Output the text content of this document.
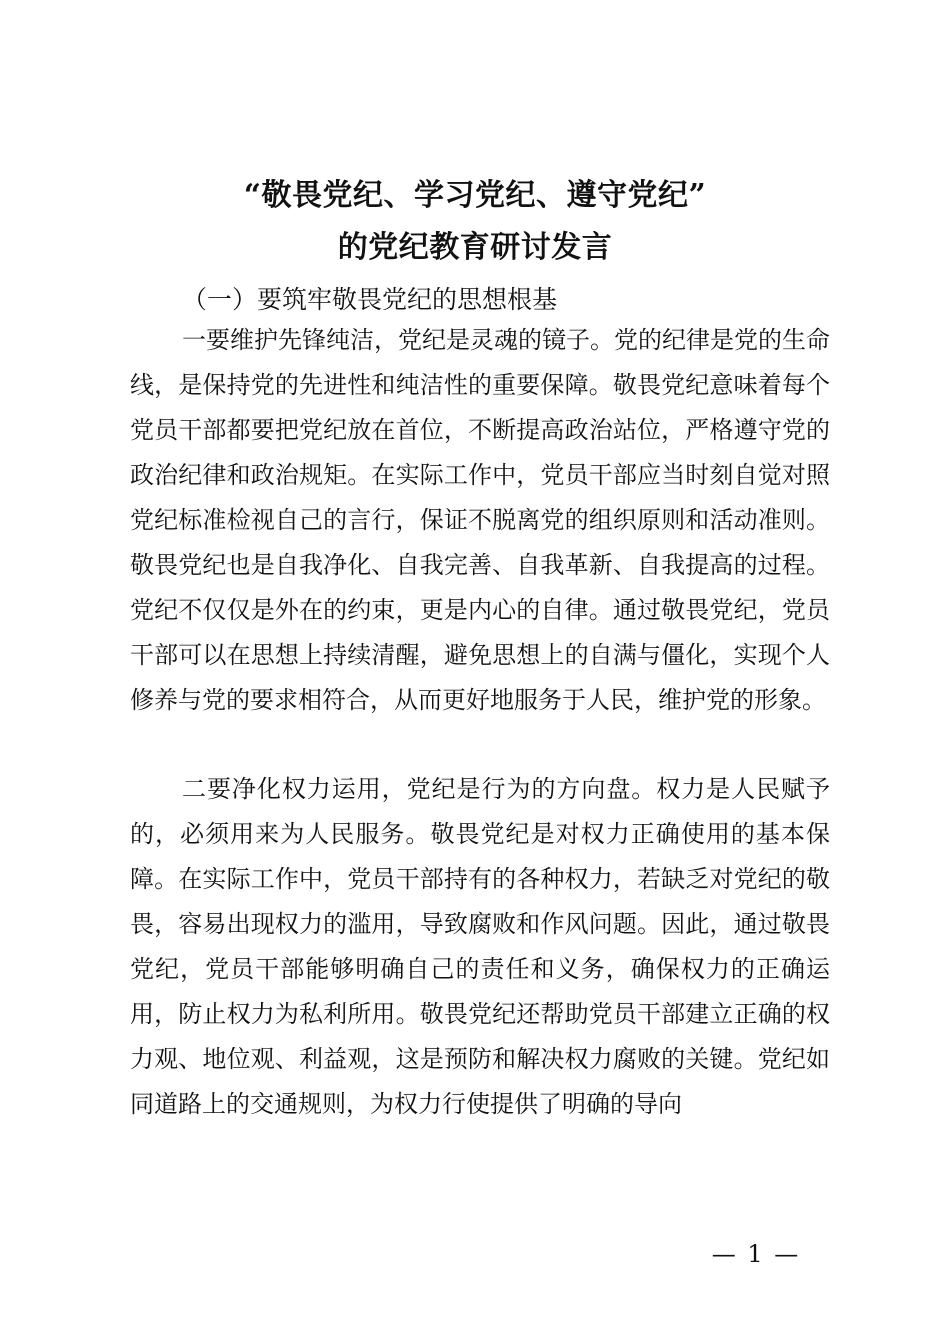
“敬畏党纪、学习党纪、遵守党纪”
的党纪教育研讨发言
（一）要筑牢敬畏党纪的思想根基

一要维护先锋纯洁，党纪是灵魂的镜子。党的纪律是党的生命线，是保持党的先进性和纯洁性的重要保障。敬畏党纪意味着每个党员干部都要把党纪放在首位，不断提高政治站位，严格遵守党的政治纪律和政治规矩。在实际工作中，党员干部应当时刻自觉对照党纪标准检视自己的言行，保证不脱离党的组织原则和活动准则。敬畏党纪也是自我净化、自我完善、自我革新、自我提高的过程。党纪不仅仅是外在的约束，更是内心的自律。通过敬畏党纪，党员干部可以在思想上持续清醒，避免思想上的自满与僵化，实现个人修养与党的要求相符合，从而更好地服务于人民，维护党的形象。

二要净化权力运用，党纪是行为的方向盘。权力是人民赋予的，必须用来为人民服务。敬畏党纪是对权力正确使用的基本保障。在实际工作中，党员干部持有的各种权力，若缺乏对党纪的敬畏，容易出现权力的滥用，导致腐败和作风问题。因此，通过敬畏党纪，党员干部能够明确自己的责任和义务，确保权力的正确运用，防止权力为私利所用。敬畏党纪还帮助党员干部建立正确的权力观、地位观、利益观，这是预防和解决权力腐败的关键。党纪如同道路上的交通规则，为权力行使提供了明确的导向

— 1 —
